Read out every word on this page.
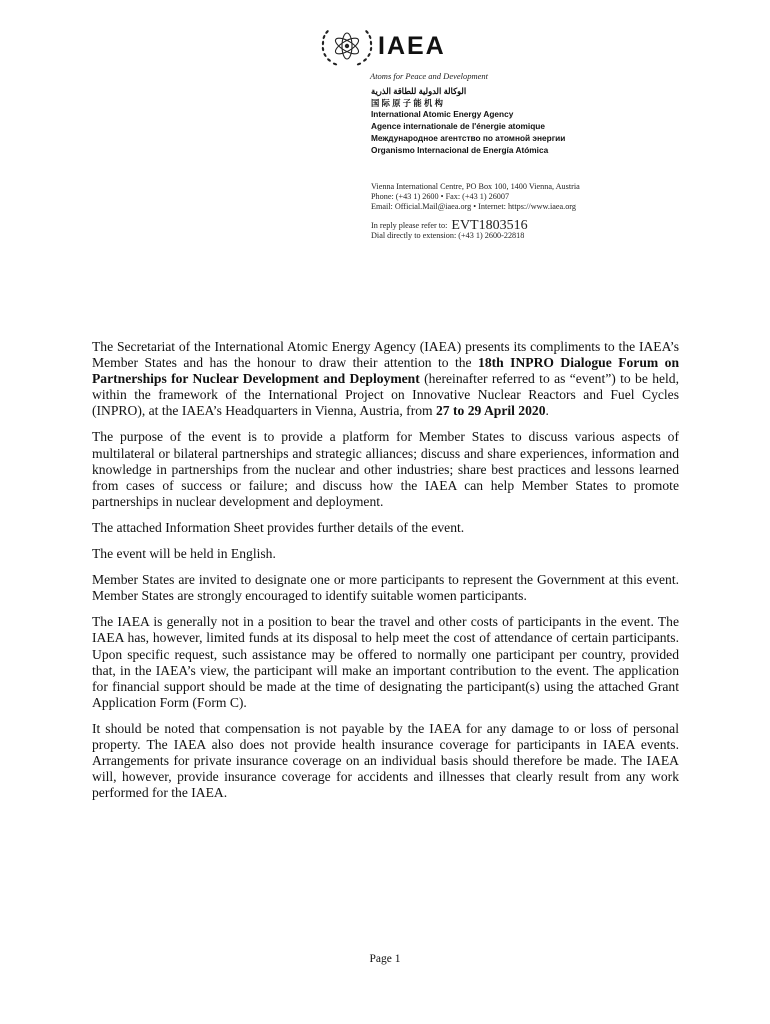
IAEA
Atoms for Peace and Development
الوكالة الدولية للطاقة الذرية
国 际 原 子 能 机 构
International Atomic Energy Agency
Agence internationale de l'énergie atomique
Международное агентство по атомной энергии
Organismo Internacional de Energía Atómica
Vienna International Centre, PO Box 100, 1400 Vienna, Austria
Phone: (+43 1) 2600 • Fax: (+43 1) 26007
Email: Official.Mail@iaea.org • Internet: https://www.iaea.org
In reply please refer to: EVT1803516
Dial directly to extension: (+43 1) 2600-22818

The Secretariat of the International Atomic Energy Agency (IAEA) presents its compliments to the IAEA’s Member States and has the honour to draw their attention to the 18th INPRO Dialogue Forum on Partnerships for Nuclear Development and Deployment (hereinafter referred to as “event”) to be held, within the framework of the International Project on Innovative Nuclear Reactors and Fuel Cycles (INPRO), at the IAEA’s Headquarters in Vienna, Austria, from 27 to 29 April 2020.

The purpose of the event is to provide a platform for Member States to discuss various aspects of multilateral or bilateral partnerships and strategic alliances; discuss and share experiences, information and knowledge in partnerships from the nuclear and other industries; share best practices and lessons learned from cases of success or failure; and discuss how the IAEA can help Member States to promote partnerships in nuclear development and deployment.

The attached Information Sheet provides further details of the event.

The event will be held in English.

Member States are invited to designate one or more participants to represent the Government at this event. Member States are strongly encouraged to identify suitable women participants.

The IAEA is generally not in a position to bear the travel and other costs of participants in the event. The IAEA has, however, limited funds at its disposal to help meet the cost of attendance of certain participants. Upon specific request, such assistance may be offered to normally one participant per country, provided that, in the IAEA’s view, the participant will make an important contribution to the event. The application for financial support should be made at the time of designating the participant(s) using the attached Grant Application Form (Form C).

It should be noted that compensation is not payable by the IAEA for any damage to or loss of personal property. The IAEA also does not provide health insurance coverage for participants in IAEA events. Arrangements for private insurance coverage on an individual basis should therefore be made. The IAEA will, however, provide insurance coverage for accidents and illnesses that clearly result from any work performed for the IAEA.

Page 1
